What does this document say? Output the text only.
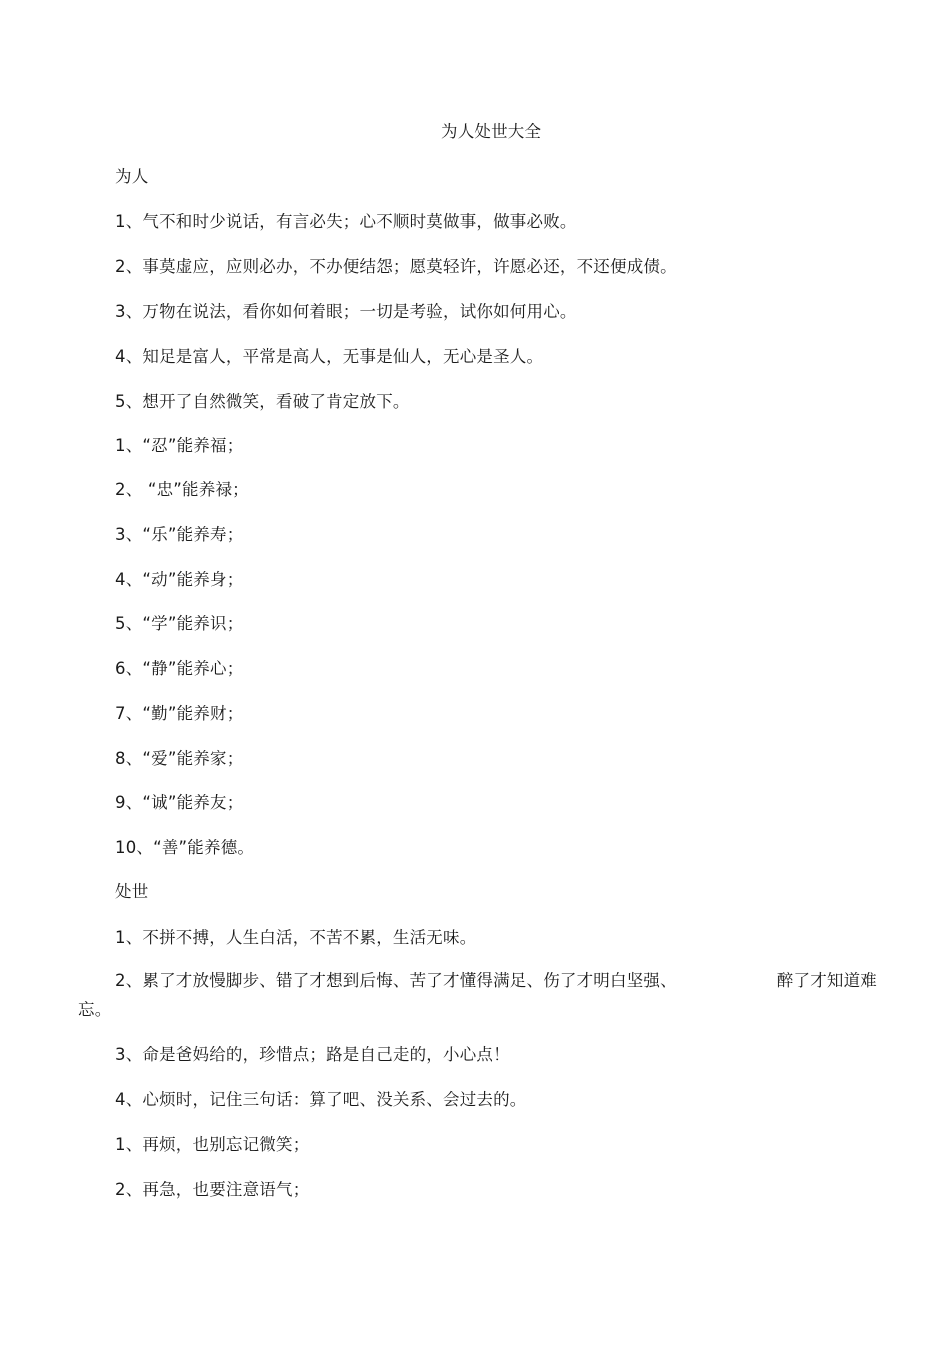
为人处世大全
为人
1、气不和时少说话，有言必失；心不顺时莫做事，做事必败。
2、事莫虚应，应则必办，不办便结怨；愿莫轻许，许愿必还，不还便成债。
3、万物在说法，看你如何着眼；一切是考验，试你如何用心。
4、知足是富人，平常是高人，无事是仙人，无心是圣人。
5、想开了自然微笑，看破了肯定放下。
1、“忍”能养福；
2、 “忠”能养禄；
3、“乐”能养寿；
4、“动”能养身；
5、“学”能养识；
6、“静”能养心；
7、“勤”能养财；
8、“爱”能养家；
9、“诚”能养友；
10、“善”能养德。
处世
1、不拼不搏，人生白活，不苦不累，生活无味。
2、累了才放慢脚步、错了才想到后悔、苦了才懂得满足、伤了才明白坚强、	醉了才知道难
忘。
3、命是爸妈给的，珍惜点；路是自己走的，小心点！
4、心烦时，记住三句话：算了吧、没关系、会过去的。
1、再烦，也别忘记微笑；
2、再急，也要注意语气；
